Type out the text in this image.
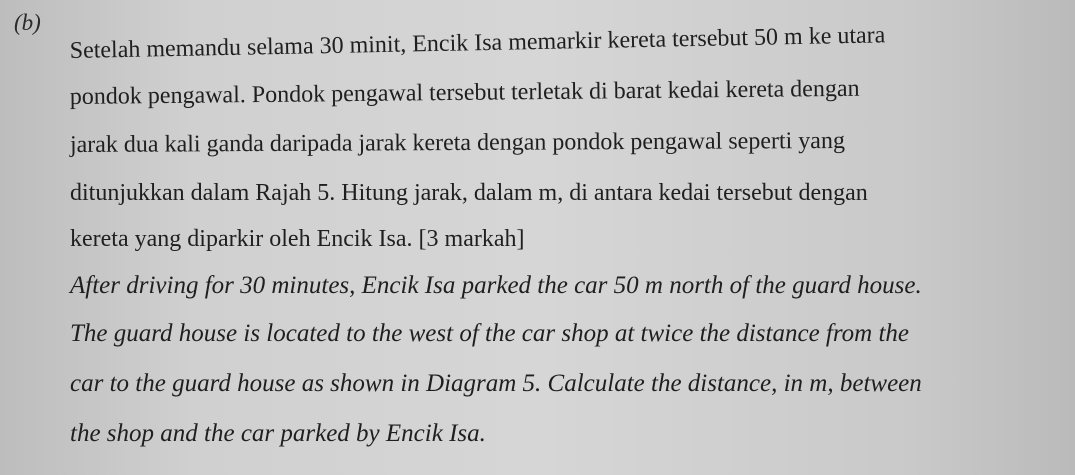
(b) Setelah memandu selama 30 minit, Encik Isa memarkir kereta tersebut 50 m ke utara
pondok pengawal. Pondok pengawal tersebut terletak di barat kedai kereta dengan
jarak dua kali ganda daripada jarak kereta dengan pondok pengawal seperti yang
ditunjukkan dalam Rajah 5. Hitung jarak, dalam m, di antara kedai tersebut dengan
kereta yang diparkir oleh Encik Isa. [3 markah]
After driving for 30 minutes, Encik Isa parked the car 50 m north of the guard house.
The guard house is located to the west of the car shop at twice the distance from the
car to the guard house as shown in Diagram 5. Calculate the distance, in m, between
the shop and the car parked by Encik Isa.
